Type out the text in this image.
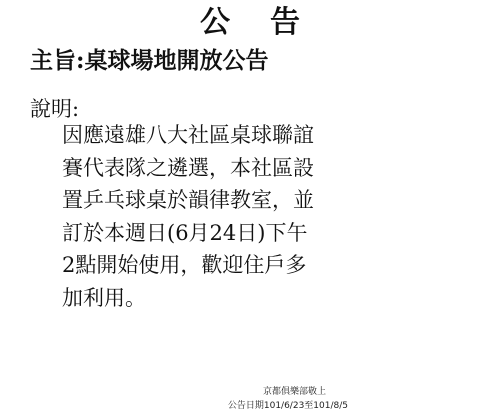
公告
主旨:桌球場地開放公告
說明:
因應遠雄八大社區桌球聯誼
賽代表隊之遴選，本社區設
置乒乓球桌於韻律教室，並
訂於本週日(6月24日)下午
2點開始使用，歡迎住戶多
加利用。
京都俱樂部敬上
公告日期101/6/23至101/8/5
